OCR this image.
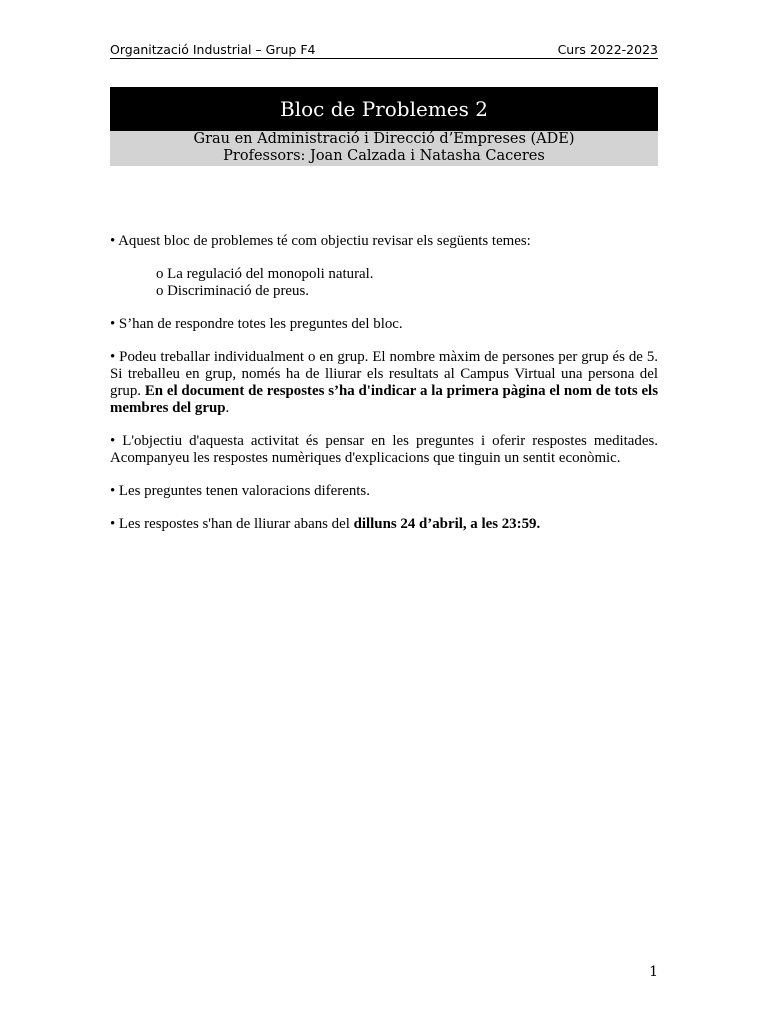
Organització Industrial – Grup F4	Curs 2022-2023
Bloc de Problemes 2
Grau en Administració i Direcció d’Empreses (ADE)
Professors: Joan Calzada i Natasha Caceres

• Aquest bloc de problemes té com objectiu revisar els següents temes:

o La regulació del monopoli natural.
o Discriminació de preus.

• S’han de respondre totes les preguntes del bloc.

• Podeu treballar individualment o en grup. El nombre màxim de persones per grup és de 5. Si treballeu en grup, només ha de lliurar els resultats al Campus Virtual una persona del grup. En el document de respostes s’ha d'indicar a la primera pàgina el nom de tots els membres del grup.

• L'objectiu d'aquesta activitat és pensar en les preguntes i oferir respostes meditades. Acompanyeu les respostes numèriques d'explicacions que tinguin un sentit econòmic.

• Les preguntes tenen valoracions diferents.

• Les respostes s'han de lliurar abans del dilluns 24 d’abril, a les 23:59.

1
